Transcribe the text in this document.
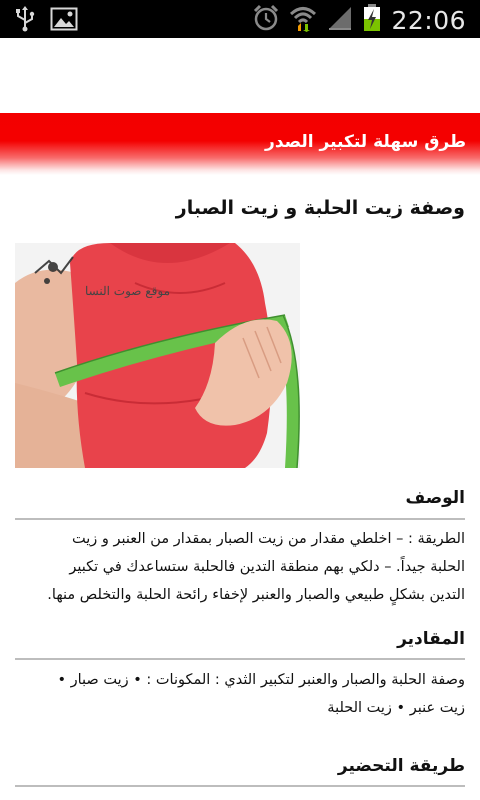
22:06
طرق سهلة لتكبير الصدر
وصفة زيت الحلبة و زيت الصبار
موقع صوت النسا
الوصف
الطريقة : – اخلطي مقدار من زيت الصبار بمقدار من العنبر و زيت
الحلبة جيداً. – دلكي بهم منطقة التدين فالحلبة ستساعدك في تكبير
التدين بشكلٍ طبيعي والصبار والعنبر لإخفاء رائحة الحلبة والتخلص منها.
المقادير
وصفة الحلبة والصبار والعنبر لتكبير الثدي : المكونات : • زيت صبار •
زيت عنبر • زيت الحلبة
طريقة التحضير
